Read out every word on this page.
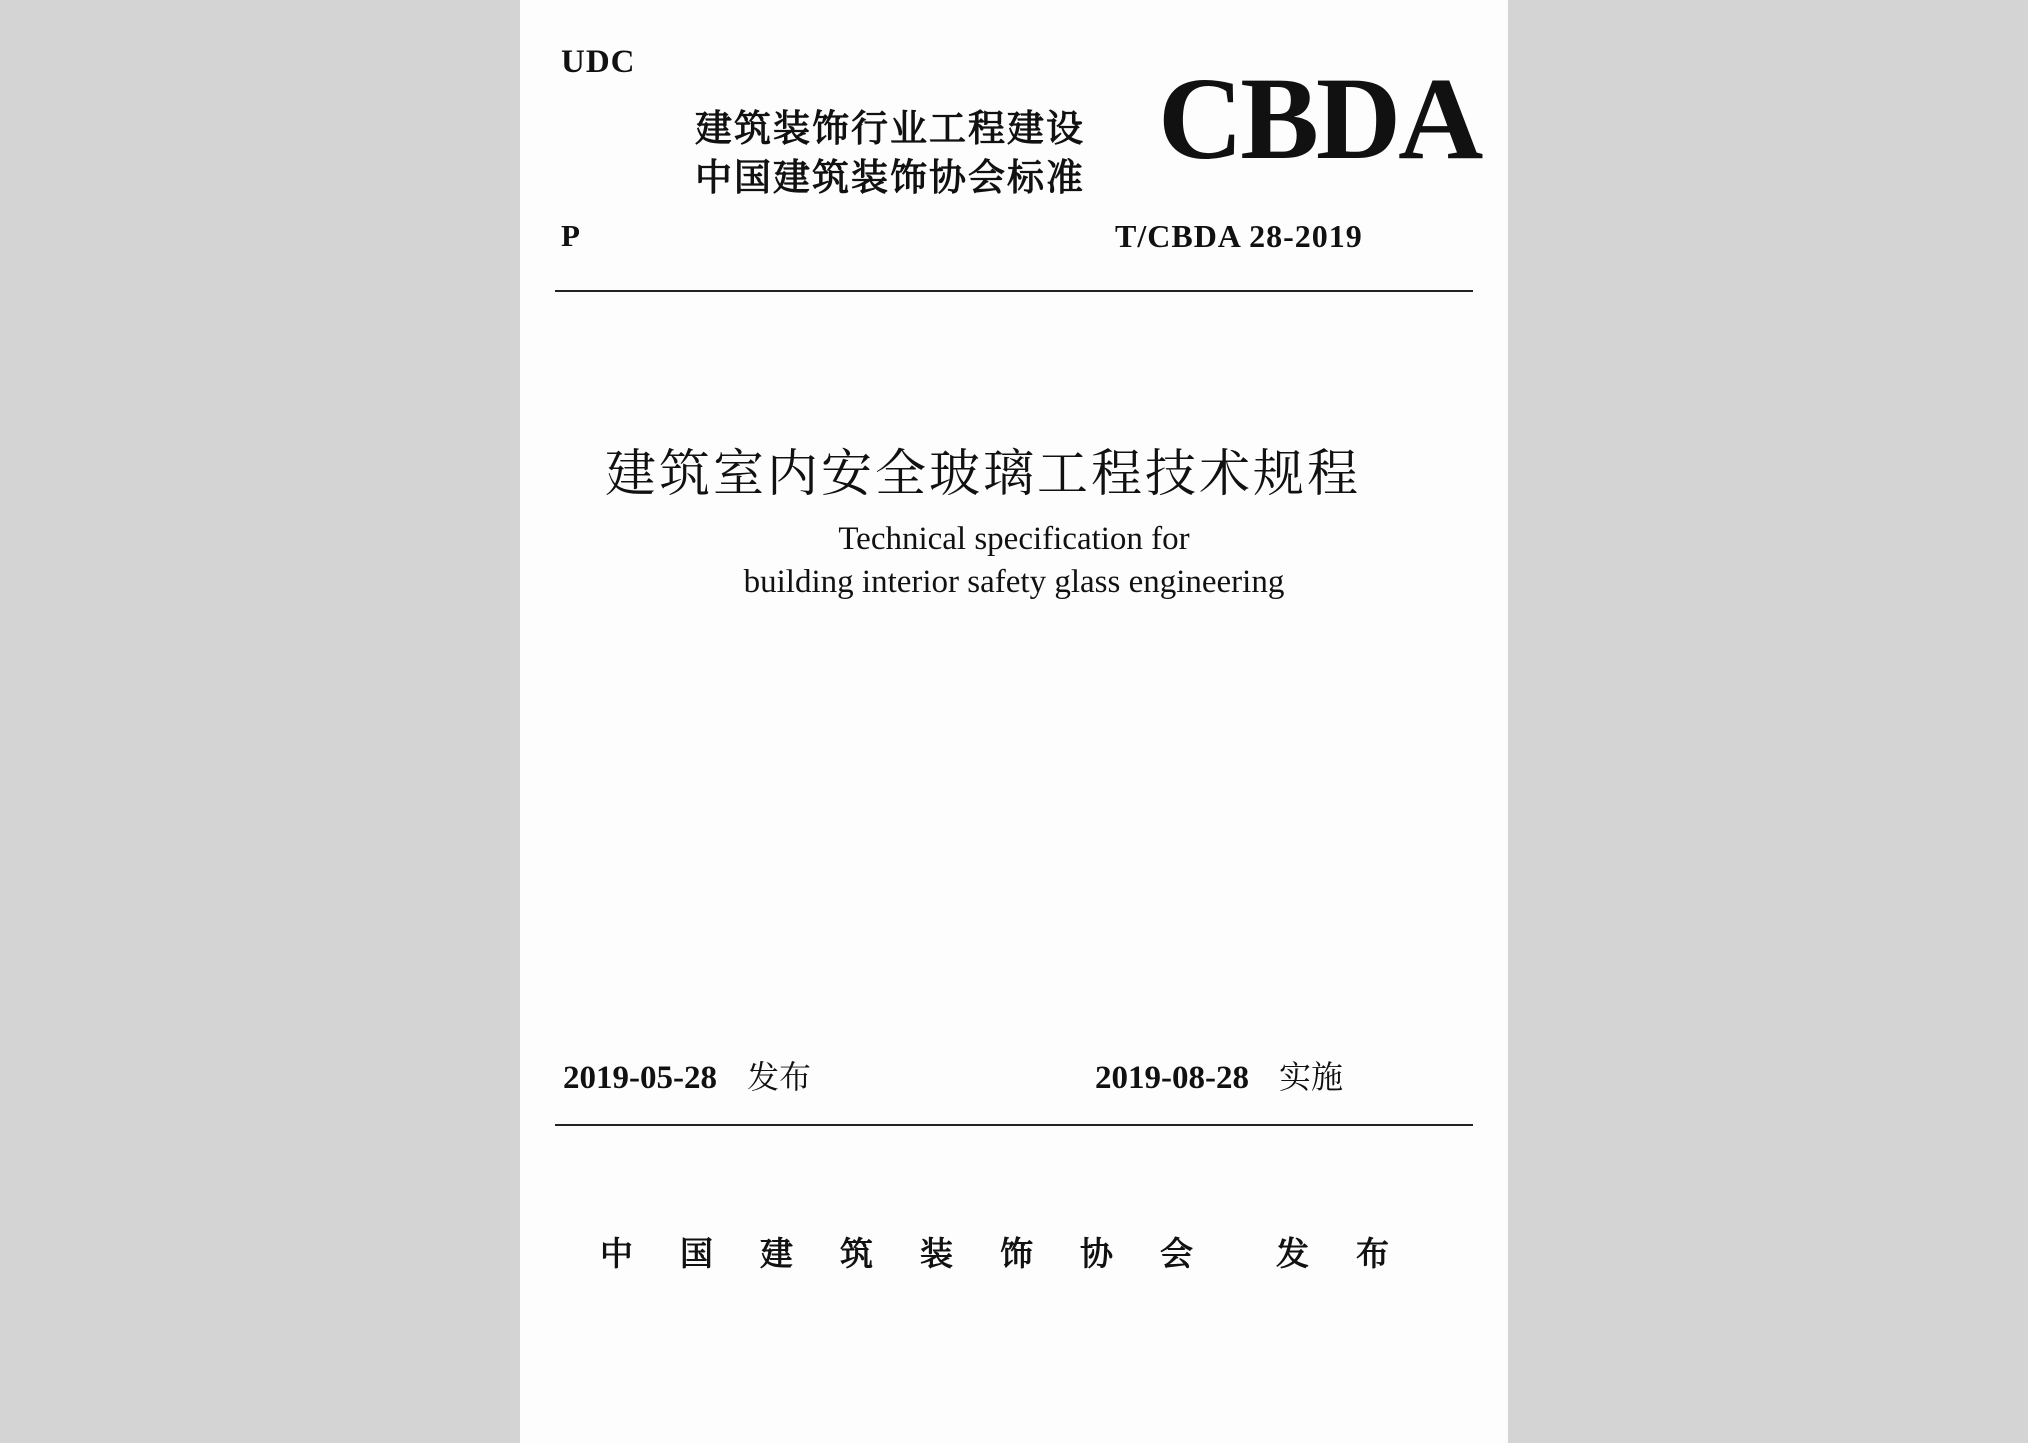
UDC
建筑装饰行业工程建设
中国建筑装饰协会标准 CBDA
P	T/CBDA 28-2019
建筑室内安全玻璃工程技术规程
Technical specification for
building interior safety glass engineering
2019-05-28 发布	2019-08-28 实施
中国建筑装饰协会 发布
